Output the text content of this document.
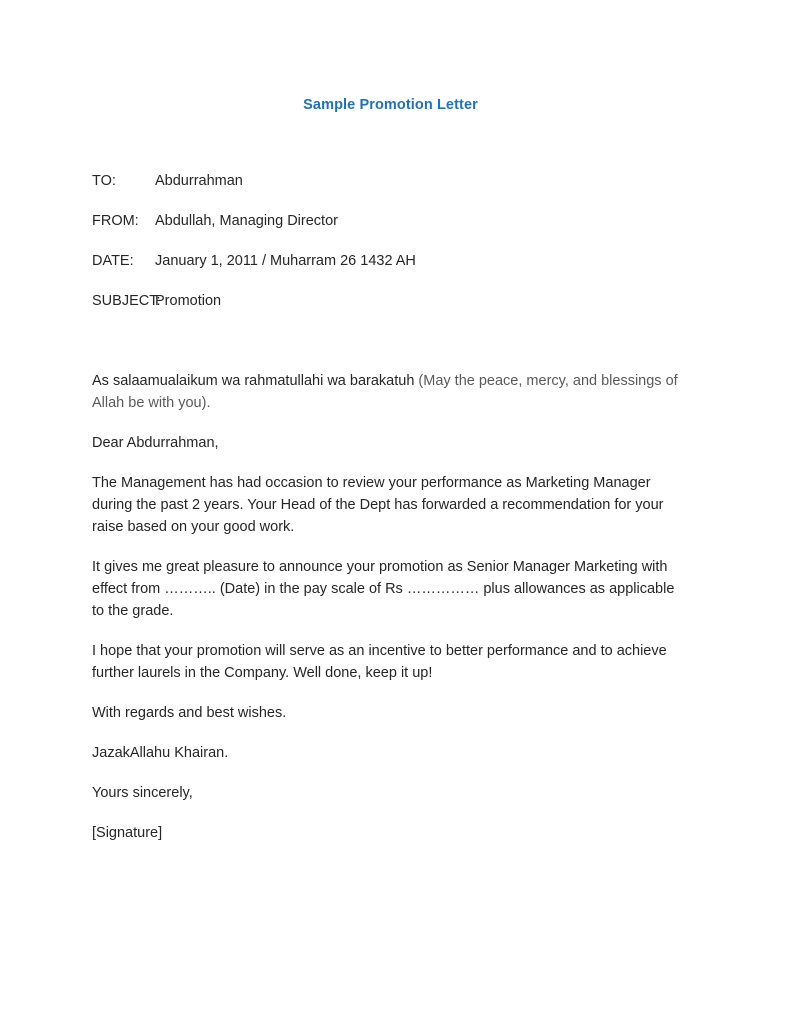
Sample Promotion Letter
TO:	Abdurrahman
FROM:	Abdullah, Managing Director
DATE:	January 1, 2011 / Muharram 26 1432 AH
SUBJECT:
Promotion

As salaamualaikum wa rahmatullahi wa barakatuh (May the peace, mercy, and blessings of Allah be with you).

Dear Abdurrahman,

The Management has had occasion to review your performance as Marketing Manager during the past 2 years. Your Head of the Dept has forwarded a recommendation for your raise based on your good work.

It gives me great pleasure to announce your promotion as Senior Manager Marketing with effect from ……….. (Date) in the pay scale of Rs …………… plus allowances as applicable to the grade.

I hope that your promotion will serve as an incentive to better performance and to achieve further laurels in the Company. Well done, keep it up!

With regards and best wishes.

JazakAllahu Khairan.

Yours sincerely,

[Signature]
